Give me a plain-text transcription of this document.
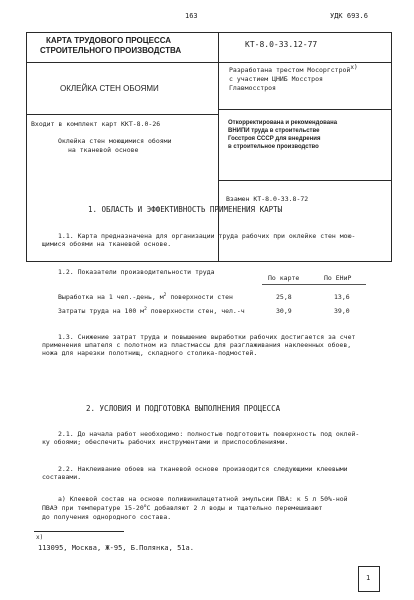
163	УДК 693.6
КАРТА ТРУДОВОГО ПРОЦЕССА
СТРОИТЕЛЬНОГО ПРОИЗВОДСТВА
КТ-8.0-33.12-77
ОКЛЕЙКА СТЕН ОБОЯМИ
Разработана трестом Мосоргстрой$^{x)}$
с участием ЦНИБ Мосстроя
Главмосстроя
Входит в комплект карт ККТ-8.0-26
Оклейка стен моющимися обоями
на тканевой основе
Откорректирована и рекомендована
ВНИПИ труда в строительстве
Госстроя СССР для внедрения
в строительное производство
Взамен КТ-8.0-33.8-72
1. ОБЛАСТЬ И ЭФФЕКТИВНОСТЬ ПРИМЕНЕНИЯ КАРТЫ
1.1. Карта предназначена для организации труда рабочих при оклейке стен мою-
щимися обоями на тканевой основе.
1.2. Показатели производительности труда
По карте	По ЕНиР
Выработка на 1 чел.-день, $м^2$ поверхности стен	25,8	13,6
Затраты труда на 100 $м^2$ поверхности стен, чел.-ч	30,9	39,0
1.3. Снижение затрат труда и повышение выработки рабочих достигается за счет
применения шпателя с полотном из пластмассы для разглаживания наклеенных обоев,
ножа для нарезки полотнищ, складного столика-подмостей.
2. УСЛОВИЯ И ПОДГОТОВКА ВЫПОЛНЕНИЯ ПРОЦЕССА
2.1. До начала работ необходимо: полностью подготовить поверхность под оклей-
ку обоями; обеспечить рабочих инструментами и приспособлениями.
2.2. Наклеивание обоев на тканевой основе производится следующими клеевыми
составами.
а) Клеевой состав на основе поливинилацетатной эмульсии ПВА: к 5 л 50%-ной
ПВАЭ при температуре 15-20$^o$С добавляют 2 л воды и тщательно перемешивают
до получения однородного состава.
x)
113095, Москва, Ж-95, Б.Полянка, 51а.
1
